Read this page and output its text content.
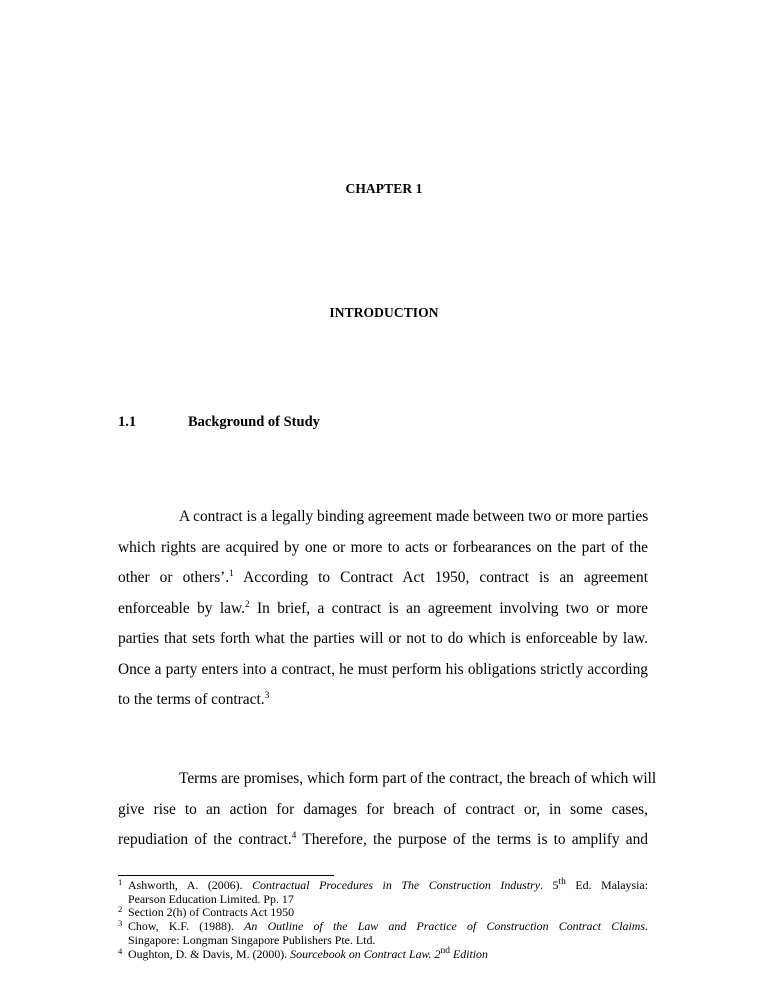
CHAPTER 1
INTRODUCTION
1.1	Background of Study
A contract is a legally binding agreement made between two or more parties
which rights are acquired by one or more to acts or forbearances on the part of the
other or others’.$^1$ According to Contract Act 1950, contract is an agreement
enforceable by law.$^2$ In brief, a contract is an agreement involving two or more
parties that sets forth what the parties will or not to do which is enforceable by law.
Once a party enters into a contract, he must perform his obligations strictly according
to the terms of contract.$^3$
Terms are promises, which form part of the contract, the breach of which will
give rise to an action for damages for breach of contract or, in some cases,
repudiation of the contract.$^4$ Therefore, the purpose of the terms is to amplify and
1 Ashworth, A. (2006). Contractual Procedures in The Construction Industry. 5th Ed. Malaysia:
Pearson Education Limited. Pp. 17
2 Section 2(h) of Contracts Act 1950
3 Chow, K.F. (1988). An Outline of the Law and Practice of Construction Contract Claims.
Singapore: Longman Singapore Publishers Pte. Ltd.
4 Oughton, D. & Davis, M. (2000). Sourcebook on Contract Law. 2nd Edition
